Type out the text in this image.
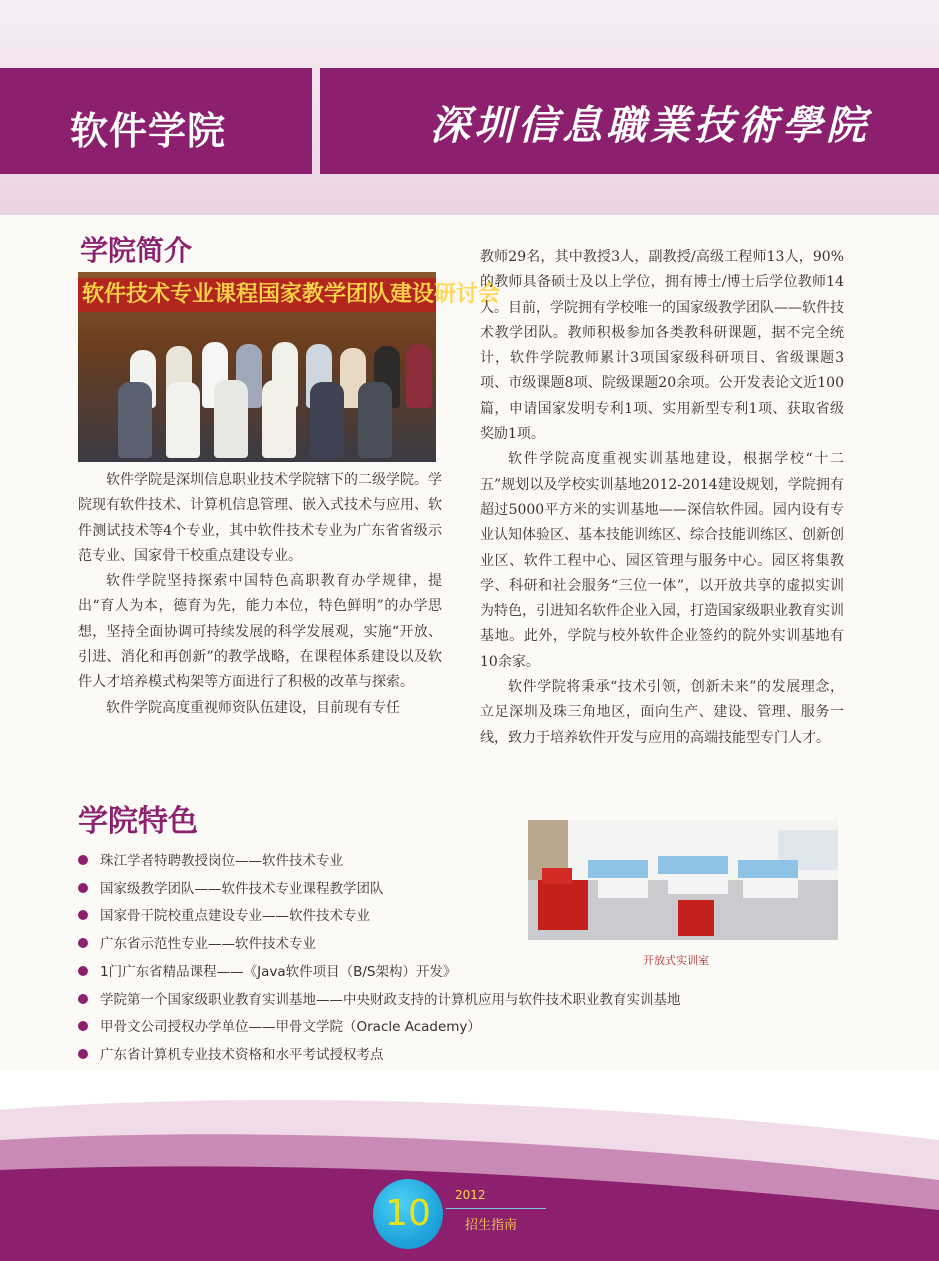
软件学院	深圳信息職業技術學院
学院简介
软件技术专业课程国家教学团队建设研讨会

软件学院是深圳信息职业技术学院辖下的二级学院。学院现有软件技术、计算机信息管理、嵌入式技术与应用、软件测试技术等4个专业，其中软件技术专业为广东省省级示范专业、国家骨干校重点建设专业。

软件学院坚持探索中国特色高职教育办学规律，提出“育人为本，德育为先，能力本位，特色鲜明”的办学思想，坚持全面协调可持续发展的科学发展观，实施“开放、引进、消化和再创新”的教学战略，在课程体系建设以及软件人才培养模式构架等方面进行了积极的改革与探索。

软件学院高度重视师资队伍建设，目前现有专任

教师29名，其中教授3人，副教授/高级工程师13人，90%的教师具备硕士及以上学位，拥有博士/博士后学位教师14人。目前，学院拥有学校唯一的国家级教学团队——软件技术教学团队。教师积极参加各类教科研课题，据不完全统计，软件学院教师累计3项国家级科研项目、省级课题3项、市级课题8项、院级课题20余项。公开发表论文近100篇，申请国家发明专利1项、实用新型专利1项、获取省级奖励1项。

软件学院高度重视实训基地建设，根据学校“十二五”规划以及学校实训基地2012-2014建设规划，学院拥有超过5000平方米的实训基地——深信软件园。园内设有专业认知体验区、基本技能训练区、综合技能训练区、创新创业区、软件工程中心、园区管理与服务中心。园区将集教学、科研和社会服务“三位一体”，以开放共享的虚拟实训为特色，引进知名软件企业入园，打造国家级职业教育实训基地。此外，学院与校外软件企业签约的院外实训基地有10余家。

软件学院将秉承“技术引领，创新未来”的发展理念，立足深圳及珠三角地区，面向生产、建设、管理、服务一线，致力于培养软件开发与应用的高端技能型专门人才。

学院特色
珠江学者特聘教授岗位——软件技术专业
国家级教学团队——软件技术专业课程教学团队
国家骨干院校重点建设专业——软件技术专业
广东省示范性专业——软件技术专业
1门广东省精品课程——《Java软件项目（B/S架构）开发》
学院第一个国家级职业教育实训基地——中央财政支持的计算机应用与软件技术职业教育实训基地
甲骨文公司授权办学单位——甲骨文学院（Oracle Academy）
广东省计算机专业技术资格和水平考试授权考点
开放式实训室
10	2012
招生指南
